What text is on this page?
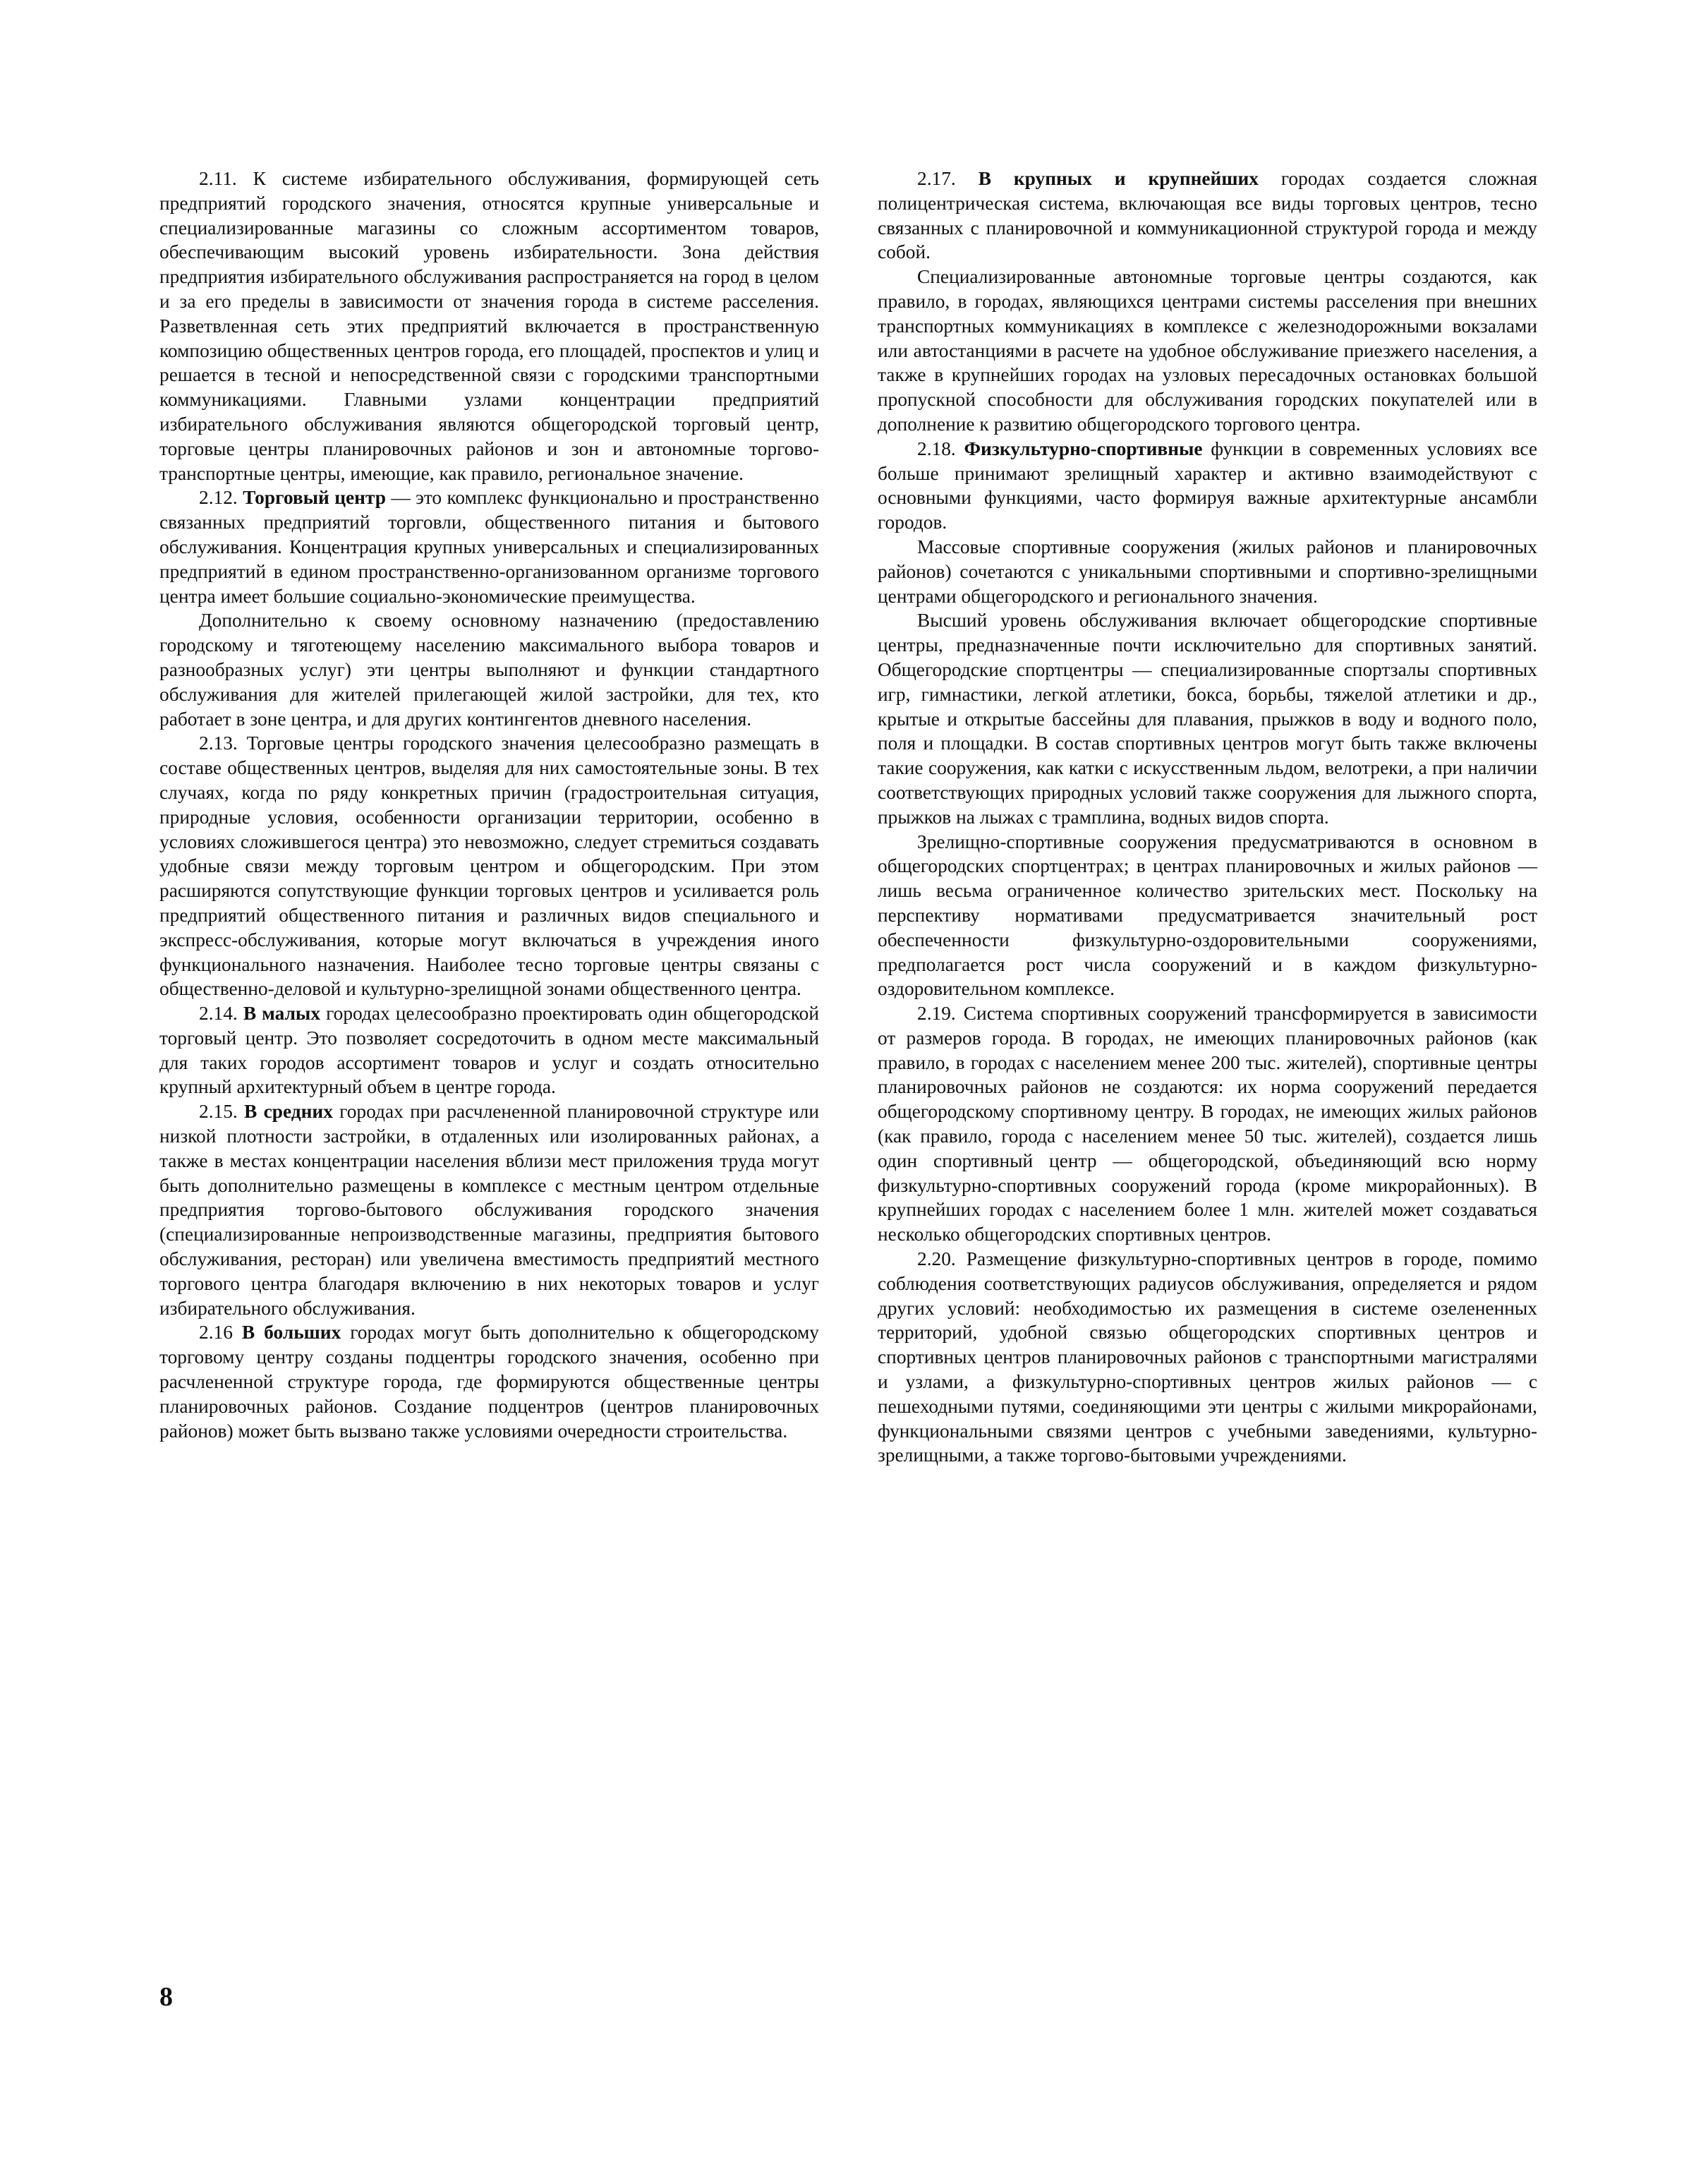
2.11. К системе избирательного обслуживания, формирующей сеть предприятий городского значения, относятся крупные универсальные и специализированные магазины со сложным ассортиментом товаров, обеспечивающим высокий уровень избирательности. Зона действия предприятия избирательного обслуживания распространяется на город в целом и за его пределы в зависимости от значения города в системе расселения. Разветвленная сеть этих предприятий включается в пространственную композицию общественных центров города, его площадей, проспектов и улиц и решается в тесной и непосредственной связи с городскими транспортными коммуникациями. Главными узлами концентрации предприятий избирательного обслуживания являются общегородской торговый центр, торговые центры планировочных районов и зон и автономные торгово-транспортные центры, имеющие, как правило, региональное значение.

2.12. Торговый центр — это комплекс функционально и пространственно связанных предприятий торговли, общественного питания и бытового обслуживания. Концентрация крупных универсальных и специализированных предприятий в едином пространственно-организованном организме торгового центра имеет большие социально-экономические преимущества.

Дополнительно к своему основному назначению (предоставлению городскому и тяготеющему населению максимального выбора товаров и разнообразных услуг) эти центры выполняют и функции стандартного обслуживания для жителей прилегающей жилой застройки, для тех, кто работает в зоне центра, и для других контингентов дневного населения.

2.13. Торговые центры городского значения целесообразно размещать в составе общественных центров, выделяя для них самостоятельные зоны. В тех случаях, когда по ряду конкретных причин (градостроительная ситуация, природные условия, особенности организации территории, особенно в условиях сложившегося центра) это невозможно, следует стремиться создавать удобные связи между торговым центром и общегородским. При этом расширяются сопутствующие функции торговых центров и усиливается роль предприятий общественного питания и различных видов специального и экспресс-обслуживания, которые могут включаться в учреждения иного функционального назначения. Наиболее тесно торговые центры связаны с общественно-деловой и культурно-зрелищной зонами общественного центра.

2.14. В малых городах целесообразно проектировать один общегородской торговый центр. Это позволяет сосредоточить в одном месте максимальный для таких городов ассортимент товаров и услуг и создать относительно крупный архитектурный объем в центре города.

2.15. В средних городах при расчлененной планировочной структуре или низкой плотности застройки, в отдаленных или изолированных районах, а также в местах концентрации населения вблизи мест приложения труда могут быть дополнительно размещены в комплексе с местным центром отдельные предприятия торгово-бытового обслуживания городского значения (специализированные непроизводственные магазины, предприятия бытового обслуживания, ресторан) или увеличена вместимость предприятий местного торгового центра благодаря включению в них некоторых товаров и услуг избирательного обслуживания.

2.16 В больших городах могут быть дополнительно к общегородскому торговому центру созданы подцентры городского значения, особенно при расчлененной структуре города, где формируются общественные центры планировочных районов. Создание подцентров (центров планировочных районов) может быть вызвано также условиями очередности строительства.

2.17. В крупных и крупнейших городах создается сложная полицентрическая система, включающая все виды торговых центров, тесно связанных с планировочной и коммуникационной структурой города и между собой.

Специализированные автономные торговые центры создаются, как правило, в городах, являющихся центрами системы расселения при внешних транспортных коммуникациях в комплексе с железнодорожными вокзалами или автостанциями в расчете на удобное обслуживание приезжего населения, а также в крупнейших городах на узловых пересадочных остановках большой пропускной способности для обслуживания городских покупателей или в дополнение к развитию общегородского торгового центра.

2.18. Физкультурно-спортивные функции в современных условиях все больше принимают зрелищный характер и активно взаимодействуют с основными функциями, часто формируя важные архитектурные ансамбли городов.

Массовые спортивные сооружения (жилых районов и планировочных районов) сочетаются с уникальными спортивными и спортивно-зрелищными центрами общегородского и регионального значения.

Высший уровень обслуживания включает общегородские спортивные центры, предназначенные почти исключительно для спортивных занятий. Общегородские спортцентры — специализированные спортзалы спортивных игр, гимнастики, легкой атлетики, бокса, борьбы, тяжелой атлетики и др., крытые и открытые бассейны для плавания, прыжков в воду и водного поло, поля и площадки. В состав спортивных центров могут быть также включены такие сооружения, как катки с искусственным льдом, велотреки, а при наличии соответствующих природных условий также сооружения для лыжного спорта, прыжков на лыжах с трамплина, водных видов спорта.

Зрелищно-спортивные сооружения предусматриваются в основном в общегородских спортцентрах; в центрах планировочных и жилых районов — лишь весьма ограниченное количество зрительских мест. Поскольку на перспективу нормативами предусматривается значительный рост обеспеченности физкультурно-оздоровительными сооружениями, предполагается рост числа сооружений и в каждом физкультурно-оздоровительном комплексе.

2.19. Система спортивных сооружений трансформируется в зависимости от размеров города. В городах, не имеющих планировочных районов (как правило, в городах с населением менее 200 тыс. жителей), спортивные центры планировочных районов не создаются: их норма сооружений передается общегородскому спортивному центру. В городах, не имеющих жилых районов (как правило, города с населением менее 50 тыс. жителей), создается лишь один спортивный центр — общегородской, объединяющий всю норму физкультурно-спортивных сооружений города (кроме микрорайонных). В крупнейших городах с населением более 1 млн. жителей может создаваться несколько общегородских спортивных центров.

2.20. Размещение физкультурно-спортивных центров в городе, помимо соблюдения соответствующих радиусов обслуживания, определяется и рядом других условий: необходимостью их размещения в системе озелененных территорий, удобной связью общегородских спортивных центров и спортивных центров планировочных районов с транспортными магистралями и узлами, а физкультурно-спортивных центров жилых районов — с пешеходными путями, соединяющими эти центры с жилыми микрорайонами, функциональными связями центров с учебными заведениями, культурно-зрелищными, а также торгово-бытовыми учреждениями.

8
